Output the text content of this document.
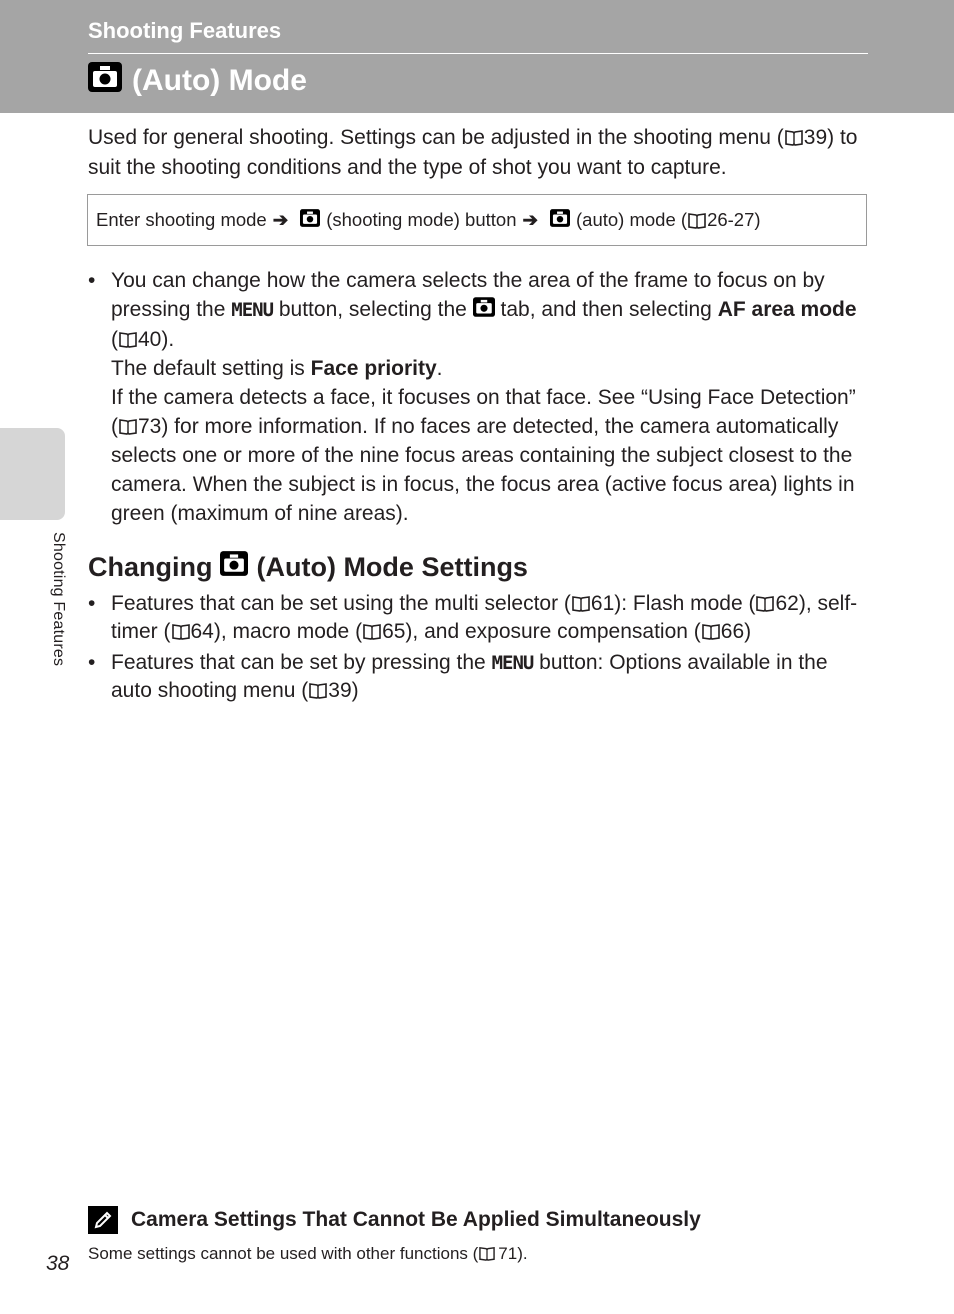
Shooting Features
(Auto) Mode
Shooting Features
Used for general shooting. Settings can be adjusted in the shooting menu ( 39) to suit the shooting conditions and the type of shot you want to capture.
Enter shooting mode ➔ (shooting mode) button ➔ (auto) mode ( 26-27 )
• You can change how the camera selects the area of the frame to focus on by pressing the MENU button, selecting the tab, and then selecting AF area mode ( 40).
The default setting is Face priority.
If the camera detects a face, it focuses on that face. See “Using Face Detection” ( 73) for more information. If no faces are detected, the camera automatically selects one or more of the nine focus areas containing the subject closest to the camera. When the subject is in focus, the focus area (active focus area) lights in green (maximum of nine areas).
Changing (Auto) Mode Settings
• Features that can be set using the multi selector ( 61): Flash mode ( 62), self-timer ( 64), macro mode ( 65), and exposure compensation ( 66)
• Features that can be set by pressing the MENU button: Options available in the auto shooting menu ( 39)
Camera Settings That Cannot Be Applied Simultaneously
Some settings cannot be used with other functions ( 71).
38
